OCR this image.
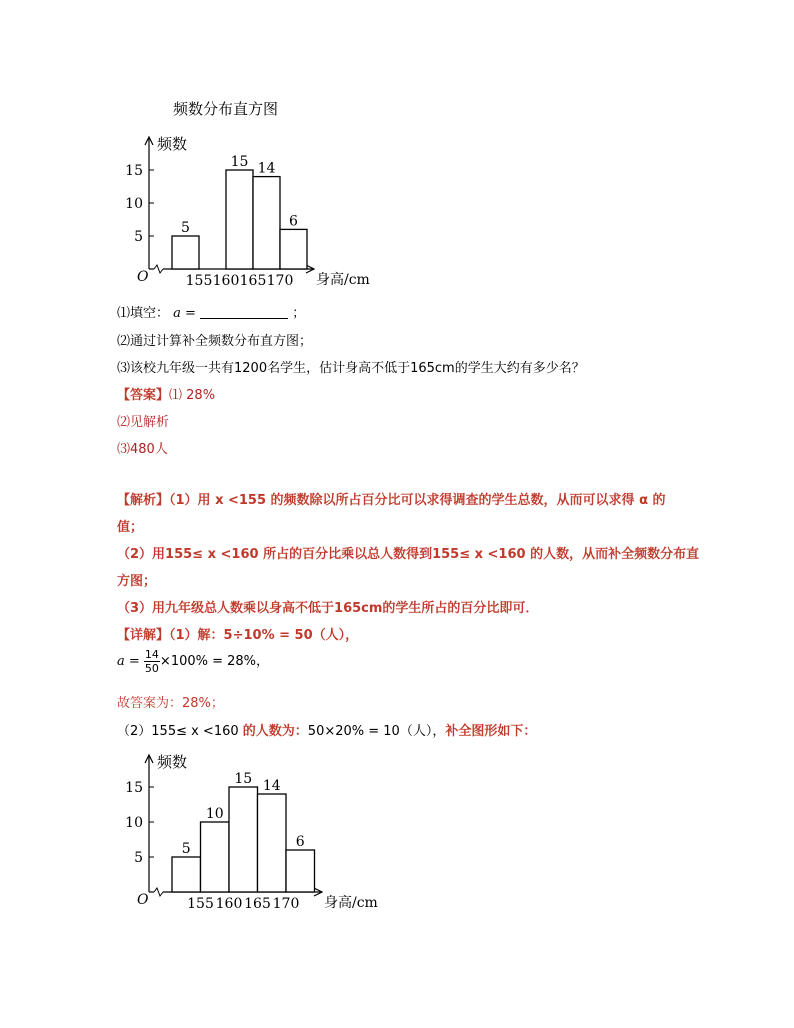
频数分布直方图
O
频数
身高/cm
5
10
15
5
15 14
6
155 160 165 170
⑴填空： a =	；
⑵通过计算补全频数分布直方图；
⑶该校九年级一共有1200名学生，估计身高不低于165cm的学生大约有多少名？
【答案】⑴ 28%
⑵见解析
⑶480人
【解析】（1）用 x <155 的频数除以所占百分比可以求得调查的学生总数，从而可以求得 α 的
值；
（2）用155≤ x <160 所占的百分比乘以总人数得到155≤ x <160 的人数，从而补全频数分布直
方图；
（3）用九年级总人数乘以身高不低于165cm的学生所占的百分比即可．
【详解】（1）解：5÷10% = 50（人），
$a = \frac{14}{50} \times 100\% = 28\%$，
故答案为：28%；
（2）155≤ x <160 的人数为：50×20% = 10（人），补全图形如下：
O
频数
身高/cm
5
10
15
5
10
15 14
6
155 160 165 170
